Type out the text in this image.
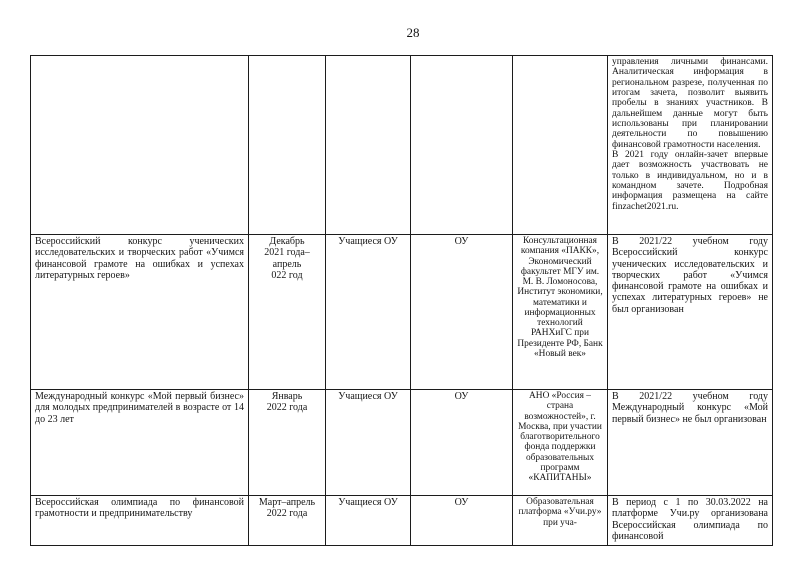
28

					управления личными финансами. Аналитическая информация в региональном разрезе, полученная по итогам зачета, позволит выявить пробелы в знаниях участников. В дальнейшем данные могут быть использованы при планировании деятельности по повышению финансовой грамотности населения.

В 2021 году онлайн-зачет впервые дает возможность участвовать не только в индивидуальном, но и в командном зачете. Подробная информация размещена на сайте finzachet2021.ru.

Всероссийский конкурс ученических исследовательских и творческих работ «Учимся финансовой грамоте на ошибках и успехах литературных героев»	Декабрь
2021 года–
апрель
022 год	Учащиеся ОУ	ОУ	Консультационная компания «ПАКК», Экономический факультет МГУ им. М. В. Ломоносова, Институт экономики, математики и информационных технологий РАНХиГС при Президенте РФ, Банк «Новый век»	В 2021/22 учебном году Всероссийский конкурс ученических исследовательских и творческих работ «Учимся финансовой грамоте на ошибках и успехах литературных героев» не был организован

Международный конкурс «Мой первый бизнес» для молодых предпринимателей в возрасте от 14 до 23 лет	Январь
2022 года	Учащиеся ОУ	ОУ	АНО «Россия – страна возможностей», г. Москва, при участии благотворительного фонда поддержки образовательных программ «КАПИТАНЫ»	В 2021/22 учебном году Международный конкурс «Мой первый бизнес» не был организован

Всероссийская олимпиада по финансовой грамотности и предпринимательству	Март–апрель
2022 года	Учащиеся ОУ	ОУ	Образовательная платформа «Учи.ру» при уча-	В период с 1 по 30.03.2022 на платформе Учи.ру организована Всероссийская олимпиада по финансовой
